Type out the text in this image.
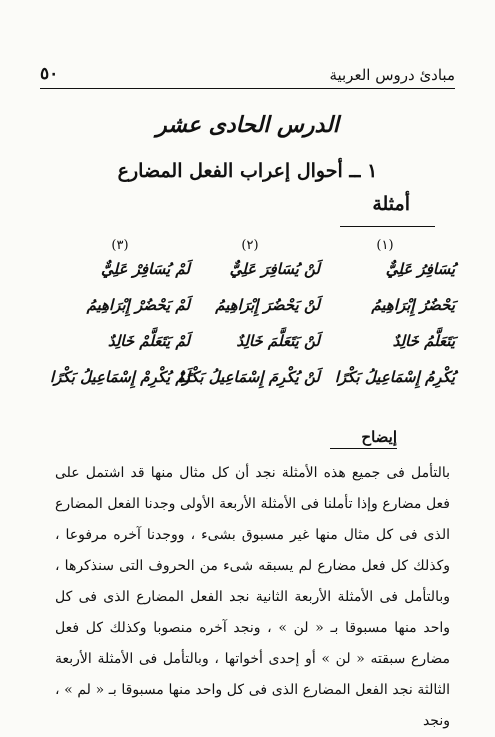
مبادئ دروس العربية
٥٠
الدرس الحادى عشر
١ ــ أحوال إعراب الفعل المضارع
أمثلة
(١)
يُسَافِرُ عَلِيٌّ
يَحْضُرُ إِبْرَاهِيمُ
يَتَعَلَّمُ خَالِدٌ
يُكْرِمُ إِسْمَاعِيلُ بَكْرًا
(٢)
لَنْ يُسَافِرَ عَلِيٌّ
لَنْ يَحْضُرَ إِبْرَاهِيمُ
لَنْ يَتَعَلَّمَ خَالِدٌ
لَنْ يُكْرِمَ إِسْمَاعِيلُ بَكْرًا
(٣)
لَمْ يُسَافِرْ عَلِيٌّ
لَمْ يَحْضُرْ إِبْرَاهِيمُ
لَمْ يَتَعَلَّمْ خَالِدٌ
لَمْ يُكْرِمْ إِسْمَاعِيلُ بَكْرًا
إيضاح
بالتأمل فى جميع هذه الأمثلة نجد أن كل مثال منها قد اشتمل على فعل مضارع وإذا تأملنا فى الأمثلة الأربعة الأولى وجدنا الفعل المضارع الذى فى كل مثال منها غير مسبوق بشىء ، ووجدنا آخره مرفوعا ، وكذلك كل فعل مضارع لم يسبقه شىء من الحروف التى سنذكرها ، وبالتأمل فى الأمثلة الأربعة الثانية نجد الفعل المضارع الذى فى كل واحد منها مسبوقا بـ « لن » ، ونجد آخره منصوبا وكذلك كل فعل مضارع سبقته « لن » أو إحدى أخواتها ، وبالتأمل فى الأمثلة الأربعة الثالثة نجد الفعل المضارع الذى فى كل واحد منها مسبوقا بـ « لم » ، ونجد
